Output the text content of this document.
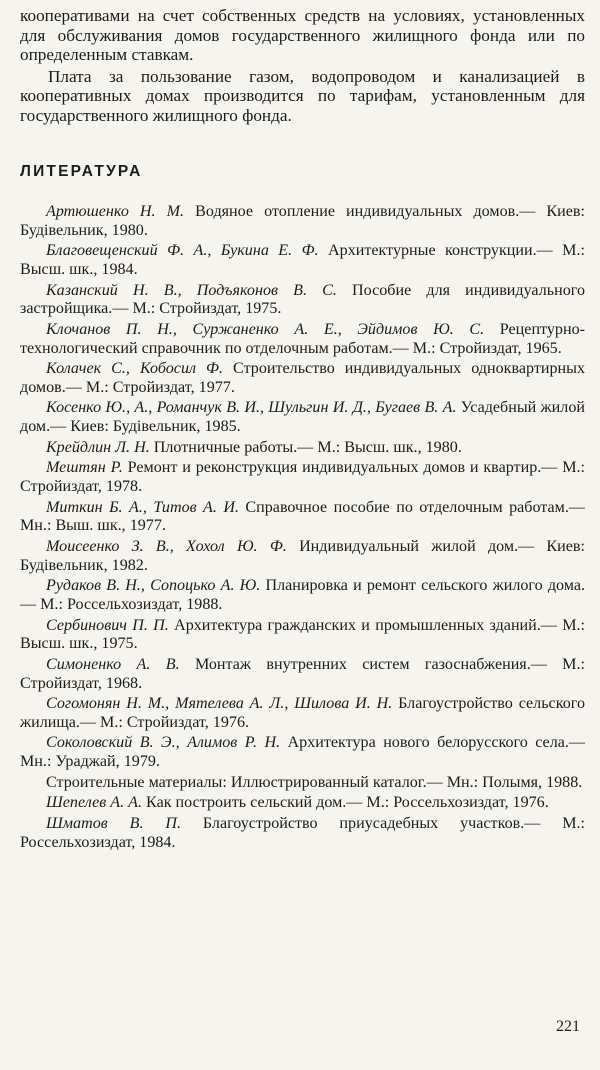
кооперативами на счет собственных средств на условиях, установленных для обслуживания домов государственного жилищного фонда или по определенным ставкам.

Плата за пользование газом, водопроводом и канализацией в кооперативных домах производится по тарифам, установленным для государственного жилищного фонда.

ЛИТЕРАТУРА

Артюшенко Н. М. Водяное отопление индивидуальных домов.— Киев: Будiвельник, 1980.

Благовещенский Ф. А., Букина Е. Ф. Архитектурные конструкции.— М.: Высш. шк., 1984.

Казанский Н. В., Подъяконов В. С. Пособие для индивидуального застройщика.— М.: Стройиздат, 1975.

Клочанов П. Н., Суржаненко А. Е., Эйдимов Ю. С. Рецептурно-технологический справочник по отделочным работам.— М.: Стройиздат, 1965.

Колачек С., Кобосил Ф. Строительство индивидуальных одноквартирных домов.— М.: Стройиздат, 1977.

Косенко Ю., А., Романчук В. И., Шульгин И. Д., Бугаев В. А. Усадебный жилой дом.— Киев: Будiвельник, 1985.

Крейдлин Л. Н. Плотничные работы.— М.: Высш. шк., 1980.

Мештян Р. Ремонт и реконструкция индивидуальных домов и квартир.— М.: Стройиздат, 1978.

Миткин Б. А., Титов А. И. Справочное пособие по отделочным работам.— Мн.: Выш. шк., 1977.

Моисеенко З. В., Хохол Ю. Ф. Индивидуальный жилой дом.— Киев: Будiвельник, 1982.

Рудаков В. Н., Сопоцько А. Ю. Планировка и ремонт сельского жилого дома.— М.: Россельхозиздат, 1988.

Сербинович П. П. Архитектура гражданских и промышленных зданий.— М.: Высш. шк., 1975.

Симоненко А. В. Монтаж внутренних систем газоснабжения.— М.: Стройиздат, 1968.

Согомонян Н. М., Мятелева А. Л., Шилова И. Н. Благоустройство сельского жилища.— М.: Стройиздат, 1976.

Соколовский В. Э., Алимов Р. Н. Архитектура нового белорусского села.— Мн.: Ураджай, 1979.

Строительные материалы: Иллюстрированный каталог.— Мн.: Полымя, 1988.

Шепелев А. А. Как построить сельский дом.— М.: Россельхозиздат, 1976.

Шматов В. П. Благоустройство приусадебных участков.— М.: Россельхозиздат, 1984.

221
